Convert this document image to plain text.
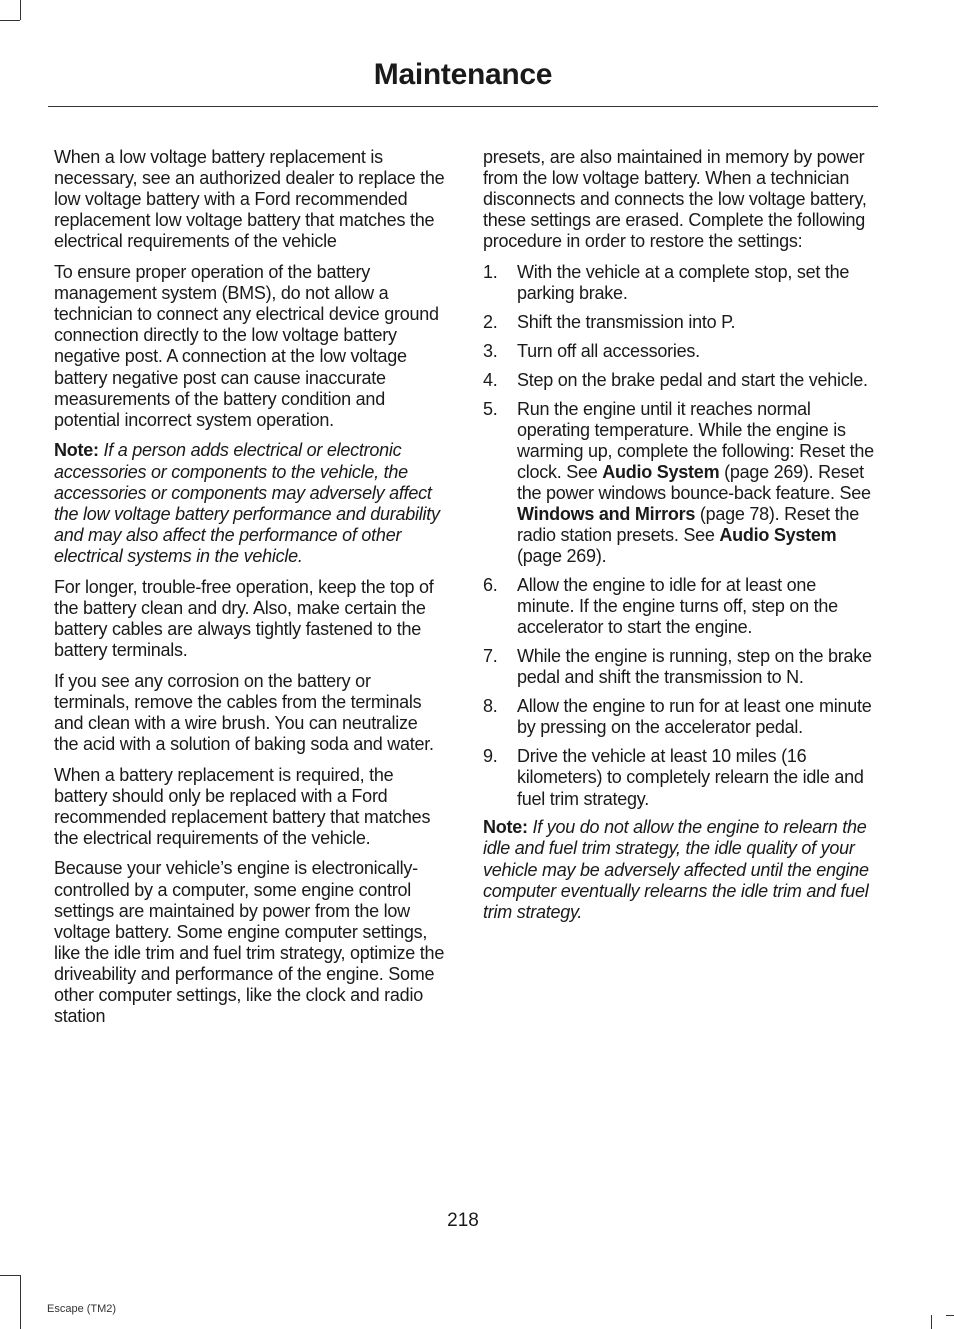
Maintenance

When a low voltage battery replacement is necessary, see an authorized dealer to replace the low voltage battery with a Ford recommended replacement low voltage battery that matches the electrical requirements of the vehicle

To ensure proper operation of the battery management system (BMS), do not allow a technician to connect any electrical device ground connection directly to the low voltage battery negative post. A connection at the low voltage battery negative post can cause inaccurate measurements of the battery condition and potential incorrect system operation.

Note: If a person adds electrical or electronic accessories or components to the vehicle, the accessories or components may adversely affect the low voltage battery performance and durability and may also affect the performance of other electrical systems in the vehicle.

For longer, trouble-free operation, keep the top of the battery clean and dry. Also, make certain the battery cables are always tightly fastened to the battery terminals.

If you see any corrosion on the battery or terminals, remove the cables from the terminals and clean with a wire brush. You can neutralize the acid with a solution of baking soda and water.

When a battery replacement is required, the battery should only be replaced with a Ford recommended replacement battery that matches the electrical requirements of the vehicle.

Because your vehicle’s engine is electronically-controlled by a computer, some engine control settings are maintained by power from the low voltage battery. Some engine computer settings, like the idle trim and fuel trim strategy, optimize the driveability and performance of the engine. Some other computer settings, like the clock and radio station

presets, are also maintained in memory by power from the low voltage battery. When a technician disconnects and connects the low voltage battery, these settings are erased. Complete the following procedure in order to restore the settings:

1. With the vehicle at a complete stop, set the parking brake.
2. Shift the transmission into P.
3. Turn off all accessories.
4. Step on the brake pedal and start the vehicle.
5. Run the engine until it reaches normal operating temperature. While the engine is warming up, complete the following: Reset the clock. See Audio System (page 269). Reset the power windows bounce-back feature. See Windows and Mirrors (page 78). Reset the radio station presets. See Audio System (page 269).
6. Allow the engine to idle for at least one minute. If the engine turns off, step on the accelerator to start the engine.
7. While the engine is running, step on the brake pedal and shift the transmission to N.
8. Allow the engine to run for at least one minute by pressing on the accelerator pedal.
9. Drive the vehicle at least 10 miles (16 kilometers) to completely relearn the idle and fuel trim strategy.

Note: If you do not allow the engine to relearn the idle and fuel trim strategy, the idle quality of your vehicle may be adversely affected until the engine computer eventually relearns the idle trim and fuel trim strategy.

218
Escape (TM2)
